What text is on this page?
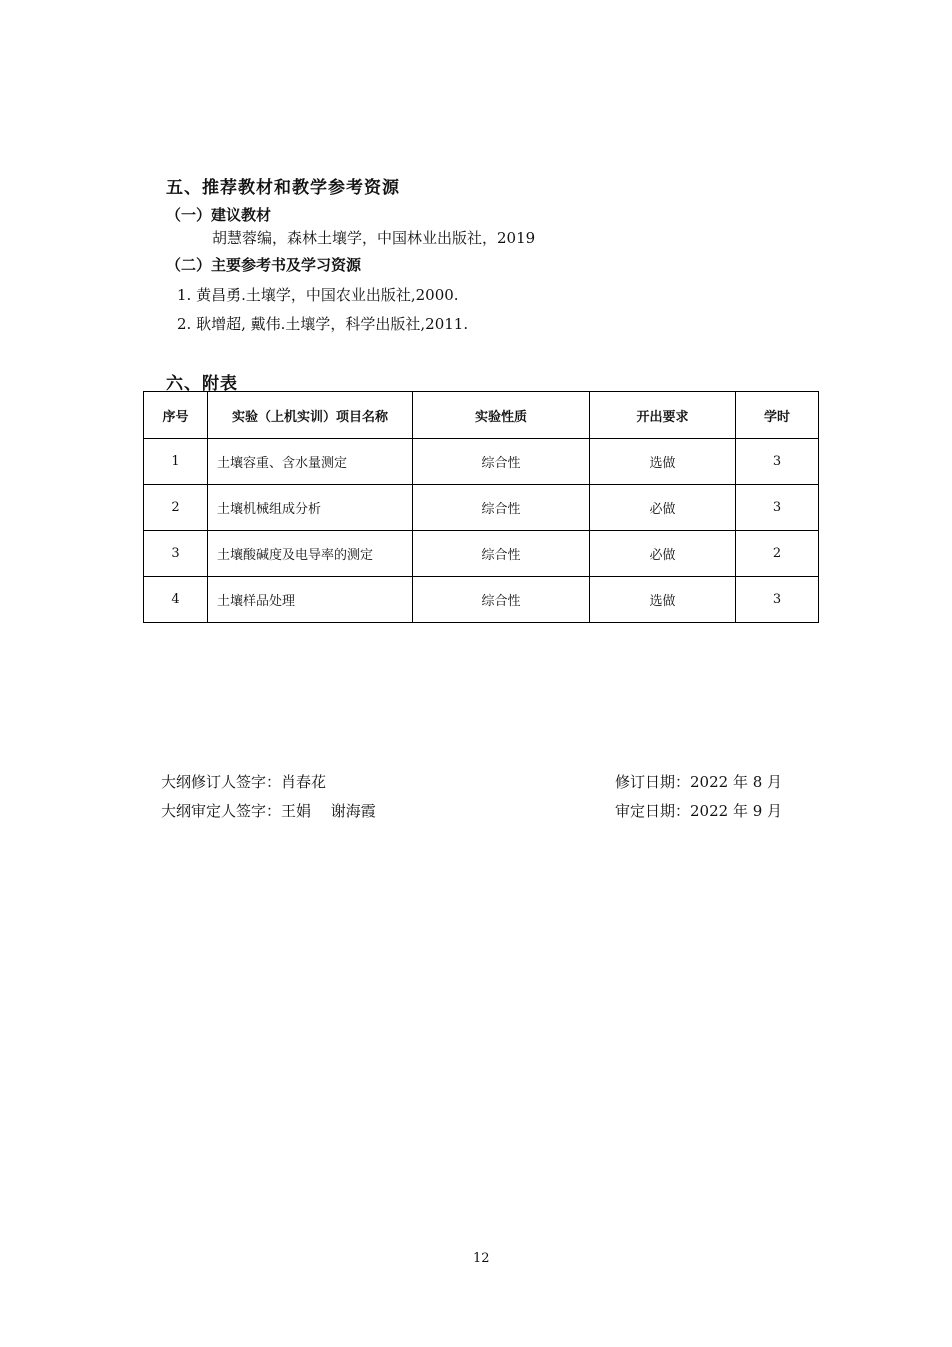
五、推荐教材和教学参考资源
（一）建议教材
胡慧蓉编，森林土壤学，中国林业出版社，2019
（二）主要参考书及学习资源
1. 黄昌勇.土壤学，中国农业出版社,2000.
2. 耿增超, 戴伟.土壤学，科学出版社,2011.
六、附表
序号	实验（上机实训）项目名称	实验性质	开出要求	学时
1	土壤容重、含水量测定	综合性	选做	3
2	土壤机械组成分析	综合性	必做	3
3	土壤酸碱度及电导率的测定	综合性	必做	2
4	土壤样品处理	综合性	选做	3
大纲修订人签字：肖春花	修订日期：2022 年 8 月
大纲审定人签字：王娟　 谢海霞	审定日期：2022 年 9 月
12
